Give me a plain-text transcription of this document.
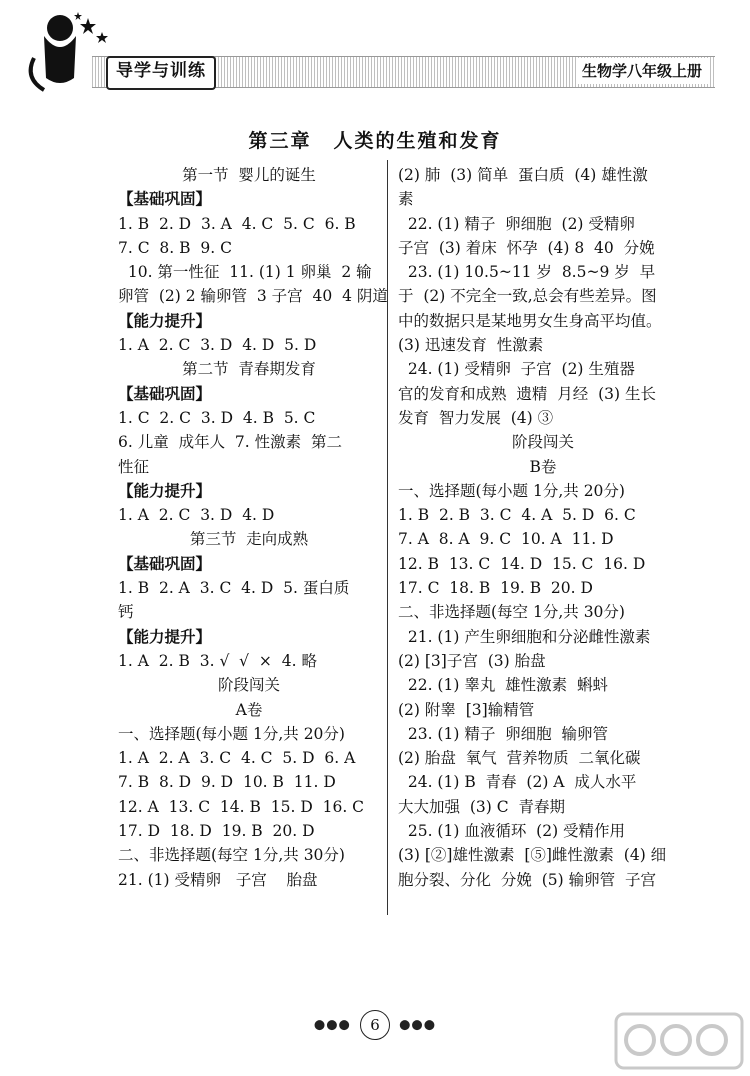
导学与训练	生物学八年级上册
第三章 人类的生殖和发育
第一节  婴儿的诞生
【基础巩固】
1. B  2. D  3. A  4. C  5. C  6. B
7. C  8. B  9. C
10. 第一性征  11. (1) 1 卵巢  2 输
卵管  (2) 2 输卵管  3 子宫  40  4 阴道
【能力提升】
1. A  2. C  3. D  4. D  5. D
第二节  青春期发育
【基础巩固】
1. C  2. C  3. D  4. B  5. C
6. 儿童  成年人  7. 性激素  第二
性征
【能力提升】
1. A  2. C  3. D  4. D
第三节  走向成熟
【基础巩固】
1. B  2. A  3. C  4. D  5. 蛋白质
钙
【能力提升】
1. A  2. B  3. √  √  ×  4. 略
阶段闯关
A卷
一、选择题(每小题 1分,共 20分)
1. A  2. A  3. C  4. C  5. D  6. A
7. B  8. D  9. D  10. B  11. D
12. A  13. C  14. B  15. D  16. C
17. D  18. D  19. B  20. D
二、非选择题(每空 1分,共 30分)
21. (1) 受精卵   子宫    胎盘
(2) 肺  (3) 简单  蛋白质  (4) 雄性激
素
22. (1) 精子  卵细胞  (2) 受精卵
子宫  (3) 着床  怀孕  (4) 8  40  分娩
23. (1) 10.5~11 岁  8.5~9 岁  早
于  (2) 不完全一致,总会有些差异。图
中的数据只是某地男女生身高平均值。
(3) 迅速发育  性激素
24. (1) 受精卵  子宫  (2) 生殖器
官的发育和成熟  遗精  月经  (3) 生长
发育  智力发展  (4) ③
阶段闯关
B卷
一、选择题(每小题 1分,共 20分)
1. B  2. B  3. C  4. A  5. D  6. C
7. A  8. A  9. C  10. A  11. D
12. B  13. C  14. D  15. C  16. D
17. C  18. B  19. B  20. D
二、非选择题(每空 1分,共 30分)
21. (1) 产生卵细胞和分泌雌性激素
(2) [3]子宫  (3) 胎盘
22. (1) 睾丸  雄性激素  蝌蚪
(2) 附睾  [3]输精管
23. (1) 精子  卵细胞  输卵管
(2) 胎盘  氧气  营养物质  二氧化碳
24. (1) B  青春  (2) A  成人水平
大大加强  (3) C  青春期
25. (1) 血液循环  (2) 受精作用
(3) [②]雄性激素  [⑤]雌性激素  (4) 细
胞分裂、分化  分娩  (5) 输卵管  子宫
●●● 6 ●●●
